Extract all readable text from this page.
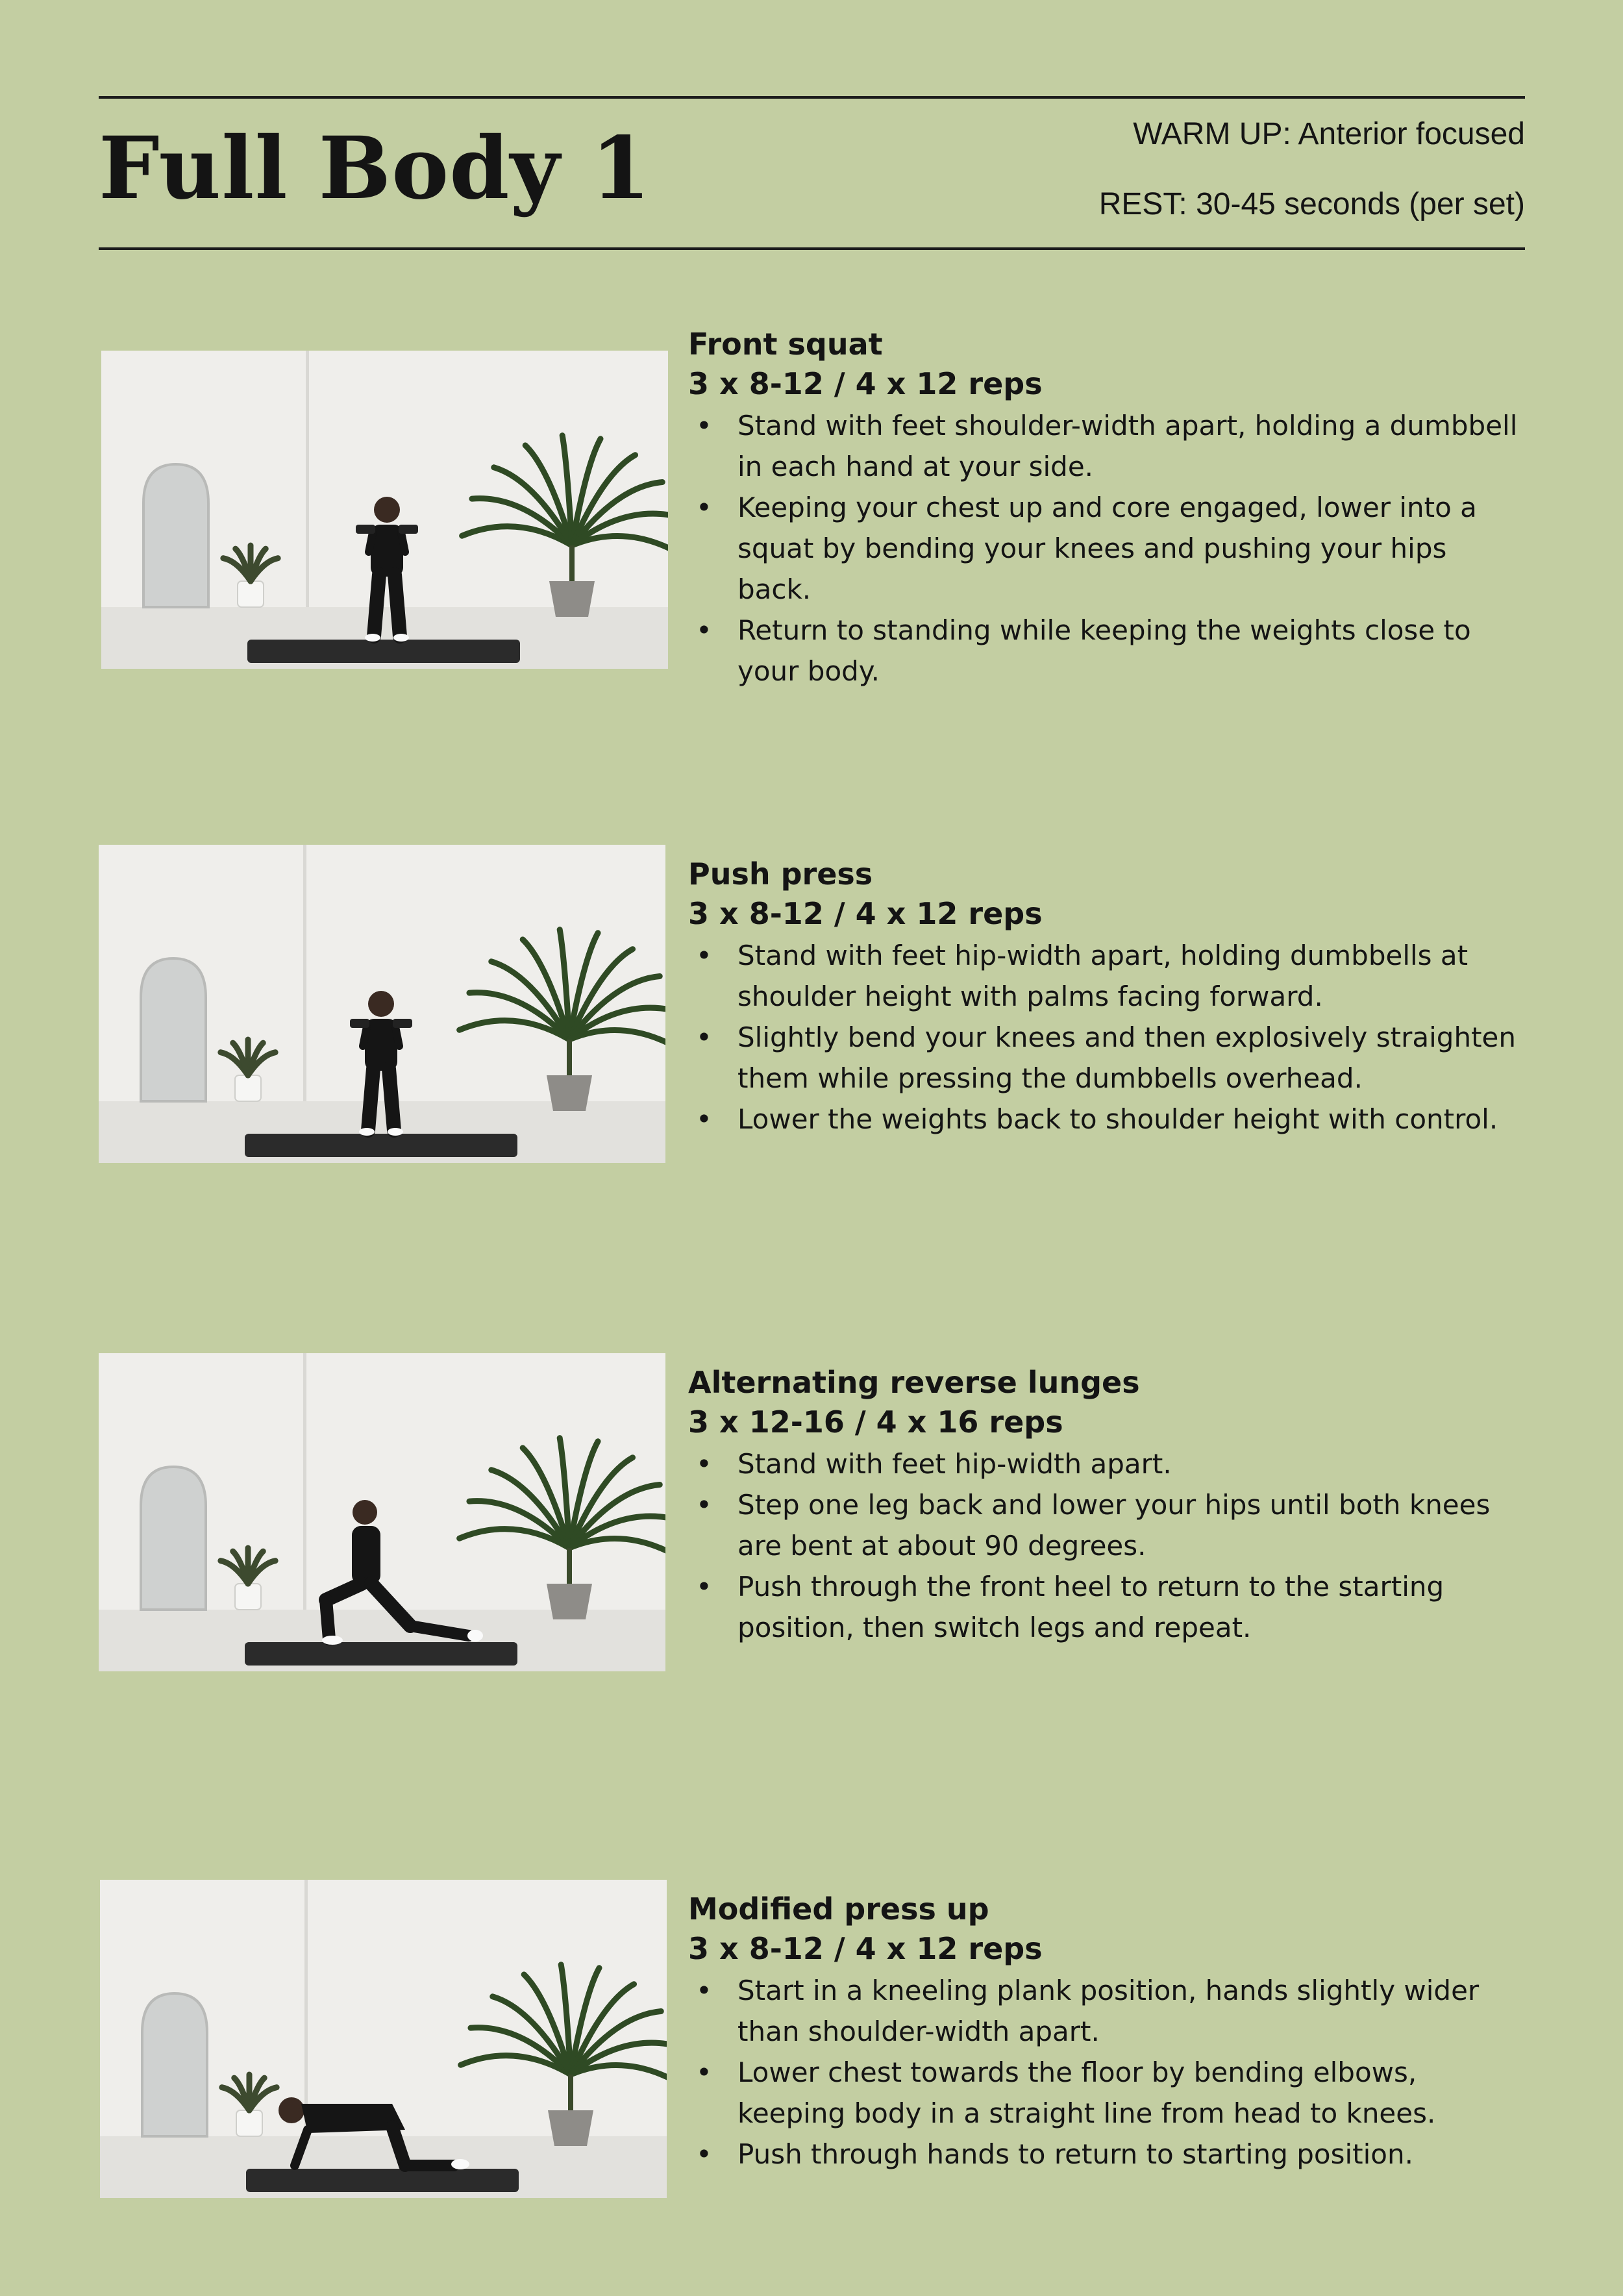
Full Body 1	WARM UP: Anterior focused
REST: 30-45 seconds (per set)
Front squat
3 x 8-12 / 4 x 12 reps
• Stand with feet shoulder-width apart, holding a dumbbell in each hand at your side.
• Keeping your chest up and core engaged, lower into a squat by bending your knees and pushing your hips back.
• Return to standing while keeping the weights close to your body.
Push press
3 x 8-12 / 4 x 12 reps
• Stand with feet hip-width apart, holding dumbbells at shoulder height with palms facing forward.
• Slightly bend your knees and then explosively straighten them while pressing the dumbbells overhead.
• Lower the weights back to shoulder height with control.
Alternating reverse lunges
3 x 12-16 / 4 x 16 reps
• Stand with feet hip-width apart.
• Step one leg back and lower your hips until both knees are bent at about 90 degrees.
• Push through the front heel to return to the starting position, then switch legs and repeat.
Modified press up
3 x 8-12 / 4 x 12 reps
• Start in a kneeling plank position, hands slightly wider than shoulder-width apart.
• Lower chest towards the floor by bending elbows, keeping body in a straight line from head to knees.
• Push through hands to return to starting position.
